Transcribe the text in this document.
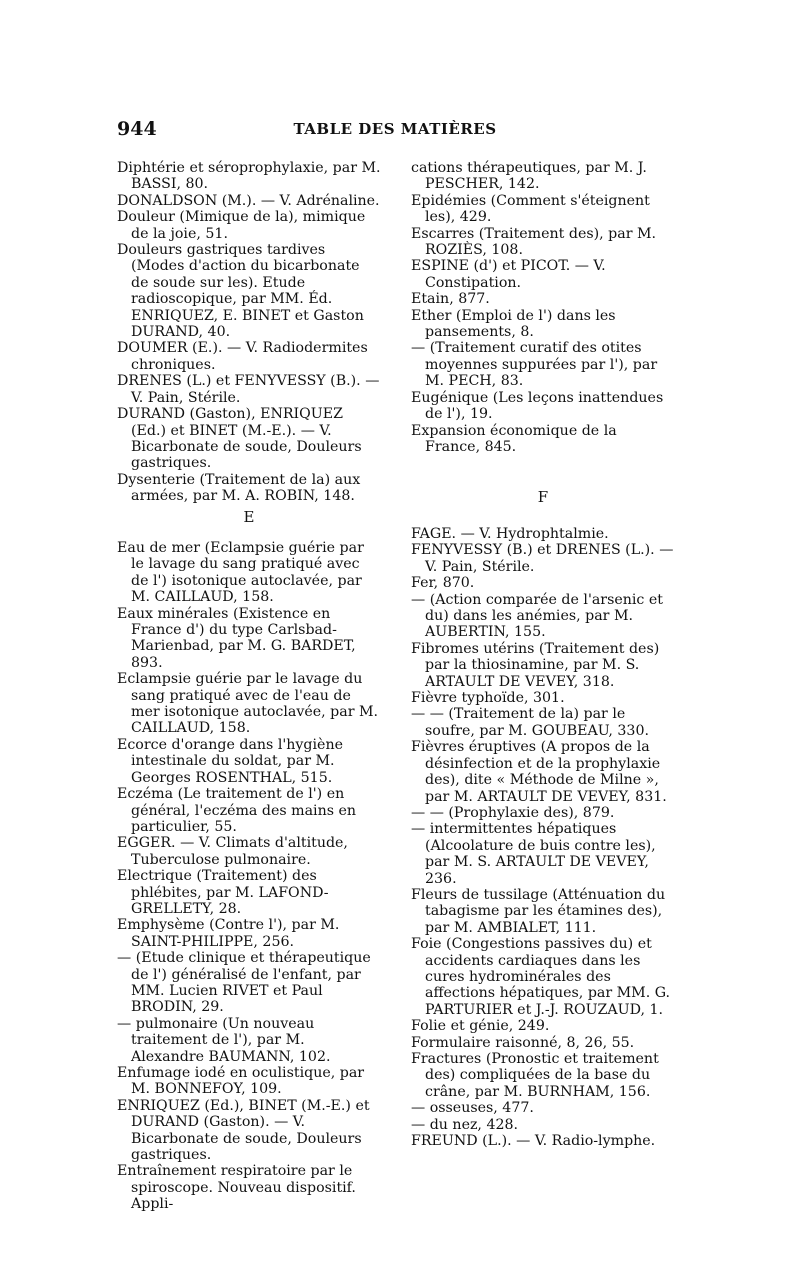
944	TABLE DES MATIÈRES

Diphtérie et séroprophylaxie, par M. BASSI, 80.

DONALDSON (M.). — V. Adrénaline.

Douleur (Mimique de la), mimique de la joie, 51.

Douleurs gastriques tardives (Modes d'action du bicarbonate de soude sur les). Etude radioscopique, par MM. Éd. ENRIQUEZ, E. BINET et Gaston DURAND, 40.

DOUMER (E.). — V. Radiodermites chroniques.

DRENES (L.) et FENYVESSY (B.). — V. Pain, Stérile.

DURAND (Gaston), ENRIQUEZ (Ed.) et BINET (M.-E.). — V. Bicarbonate de soude, Douleurs gastriques.

Dysenterie (Traitement de la) aux armées, par M. A. ROBIN, 148.

cations thérapeutiques, par M. J. PESCHER, 142.

Epidémies (Comment s'éteignent les), 429.

Escarres (Traitement des), par M. ROZIÈS, 108.

ESPINE (d') et PICOT. — V. Constipation.

Etain, 877.

Ether (Emploi de l') dans les pansements, 8.

— (Traitement curatif des otites moyennes suppurées par l'), par M. PECH, 83.

Eugénique (Les leçons inattendues de l'), 19.

Expansion économique de la France, 845.

E
F

Eau de mer (Eclampsie guérie par le lavage du sang pratiqué avec de l') isotonique autoclavée, par M. CAILLAUD, 158.

Eaux minérales (Existence en France d') du type Carlsbad-Marienbad, par M. G. BARDET, 893.

Eclampsie guérie par le lavage du sang pratiqué avec de l'eau de mer isotonique autoclavée, par M. CAILLAUD, 158.

Ecorce d'orange dans l'hygiène intestinale du soldat, par M. Georges ROSENTHAL, 515.

Eczéma (Le traitement de l') en général, l'eczéma des mains en particulier, 55.

EGGER. — V. Climats d'altitude, Tuberculose pulmonaire.

Electrique (Traitement) des phlébites, par M. LAFOND-GRELLETY, 28.

Emphysème (Contre l'), par M. SAINT-PHILIPPE, 256.

— (Etude clinique et thérapeutique de l') généralisé de l'enfant, par MM. Lucien RIVET et Paul BRODIN, 29.

— pulmonaire (Un nouveau traitement de l'), par M. Alexandre BAUMANN, 102.

Enfumage iodé en oculistique, par M. BONNEFOY, 109.

ENRIQUEZ (Ed.), BINET (M.-E.) et DURAND (Gaston). — V. Bicarbonate de soude, Douleurs gastriques.

Entraînement respiratoire par le spiroscope. Nouveau dispositif. Appli-

FAGE. — V. Hydrophtalmie.

FENYVESSY (B.) et DRENES (L.). — V. Pain, Stérile.

Fer, 870.

— (Action comparée de l'arsenic et du) dans les anémies, par M. AUBERTIN, 155.

Fibromes utérins (Traitement des) par la thiosinamine, par M. S. ARTAULT DE VEVEY, 318.

Fièvre typhoïde, 301.

— — (Traitement de la) par le soufre, par M. GOUBEAU, 330.

Fièvres éruptives (A propos de la désinfection et de la prophylaxie des), dite « Méthode de Milne », par M. ARTAULT DE VEVEY, 831.

— — (Prophylaxie des), 879.

— intermittentes hépatiques (Alcoolature de buis contre les), par M. S. ARTAULT DE VEVEY, 236.

Fleurs de tussilage (Atténuation du tabagisme par les étamines des), par M. AMBIALET, 111.

Foie (Congestions passives du) et accidents cardiaques dans les cures hydrominérales des affections hépatiques, par MM. G. PARTURIER et J.-J. ROUZAUD, 1.

Folie et génie, 249.

Formulaire raisonné, 8, 26, 55.

Fractures (Pronostic et traitement des) compliquées de la base du crâne, par M. BURNHAM, 156.

— osseuses, 477.

— du nez, 428.

FREUND (L.). — V. Radio-lymphe.
